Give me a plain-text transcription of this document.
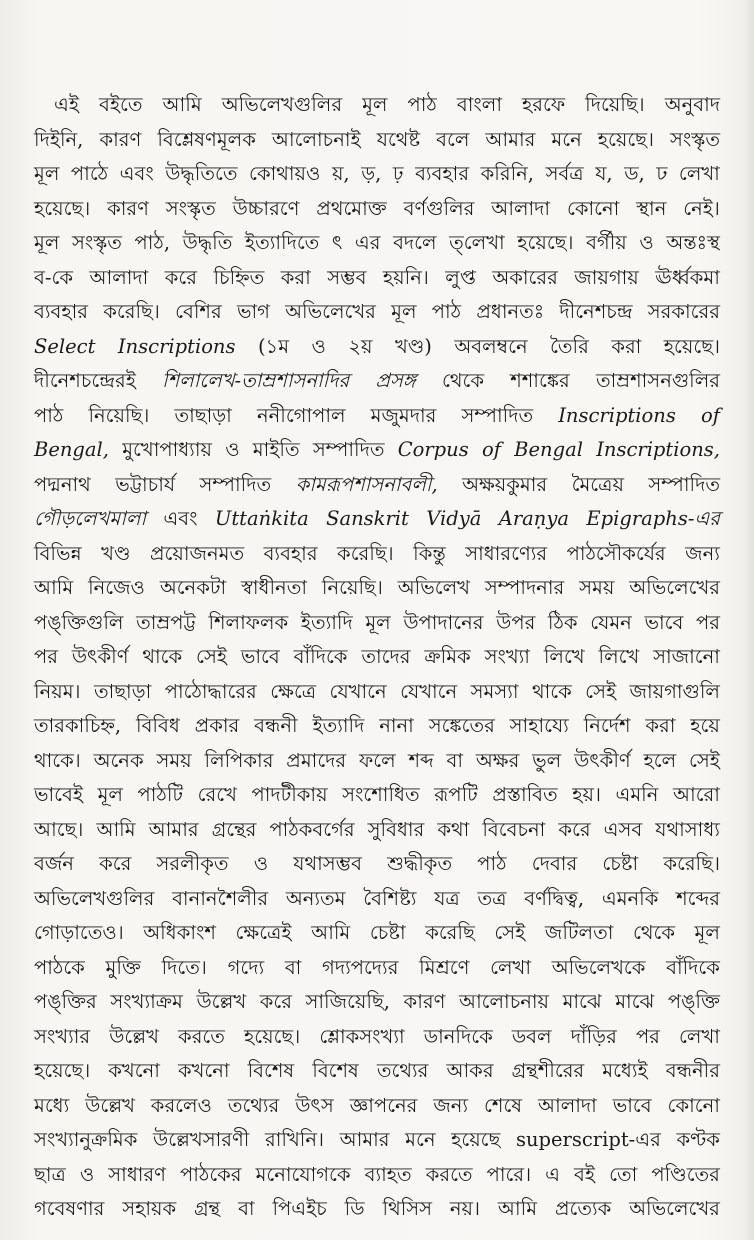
এই বইতে আমি অভিলেখগুলির মূল পাঠ বাংলা হরফে দিয়েছি। অনুবাদ
দিইনি, কারণ বিশ্লেষণমূলক আলোচনাই যথেষ্ট বলে আমার মনে হয়েছে। সংস্কৃত
মূল পাঠে এবং উদ্ধৃতিতে কোথায়ও য়, ড়, ঢ় ব্যবহার করিনি, সর্বত্র য, ড, ঢ লেখা
হয়েছে। কারণ সংস্কৃত উচ্চারণে প্রথমোক্ত বর্ণগুলির আলাদা কোনো স্থান নেই।
মূল সংস্কৃত পাঠ, উদ্ধৃতি ইত্যাদিতে ৎ এর বদলে ত্‌লেখা হয়েছে। বর্গীয় ও অন্তঃস্থ
ব-কে আলাদা করে চিহ্নিত করা সম্ভব হয়নি। লুপ্ত অকারের জায়গায় ঊর্ধ্বকমা
ব্যবহার করেছি। বেশির ভাগ অভিলেখের মূল পাঠ প্রধানতঃ দীনেশচন্দ্র সরকারের
Select Inscriptions (১ম ও ২য় খণ্ড) অবলম্বনে তৈরি করা হয়েছে।
দীনেশচন্দ্রেরই শিলালেখ-তাম্রশাসনাদির প্রসঙ্গ থেকে শশাঙ্কের তাম্রশাসনগুলির
পাঠ নিয়েছি। তাছাড়া ননীগোপাল মজুমদার সম্পাদিত Inscriptions of
Bengal, মুখোপাধ্যায় ও মাইতি সম্পাদিত Corpus of Bengal Inscriptions,
পদ্মনাথ ভট্টাচার্য সম্পাদিত কামরূপশাসনাবলী, অক্ষয়কুমার মৈত্রেয় সম্পাদিত
গৌড়লেখমালা এবং Uttaṅkita Sanskrit Vidyā Araṇya Epigraphs-এর
বিভিন্ন খণ্ড প্রয়োজনমত ব্যবহার করেছি। কিন্তু সাধারণ্যের পাঠসৌকর্যের জন্য
আমি নিজেও অনেকটা স্বাধীনতা নিয়েছি। অভিলেখ সম্পাদনার সময় অভিলেখের
পঙ্‌ক্তিগুলি তাম্রপট্ট শিলাফলক ইত্যাদি মূল উপাদানের উপর ঠিক যেমন ভাবে পর
পর উৎকীর্ণ থাকে সেই ভাবে বাঁদিকে তাদের ক্রমিক সংখ্যা লিখে লিখে সাজানো
নিয়ম। তাছাড়া পাঠোদ্ধারের ক্ষেত্রে যেখানে যেখানে সমস্যা থাকে সেই জায়গাগুলি
তারকাচিহ্ন, বিবিধ প্রকার বন্ধনী ইত্যাদি নানা সঙ্কেতের সাহায্যে নির্দেশ করা হয়ে
থাকে। অনেক সময় লিপিকার প্রমাদের ফলে শব্দ বা অক্ষর ভুল উৎকীর্ণ হলে সেই
ভাবেই মূল পাঠটি রেখে পাদটীকায় সংশোধিত রূপটি প্রস্তাবিত হয়। এমনি আরো
আছে। আমি আমার গ্রন্থের পাঠকবর্গের সুবিধার কথা বিবেচনা করে এসব যথাসাধ্য
বর্জন করে সরলীকৃত ও যথাসম্ভব শুদ্ধীকৃত পাঠ দেবার চেষ্টা করেছি।
অভিলেখগুলির বানানশৈলীর অন্যতম বৈশিষ্ট্য যত্র তত্র বর্ণদ্বিত্ব, এমনকি শব্দের
গোড়াতেও। অধিকাংশ ক্ষেত্রেই আমি চেষ্টা করেছি সেই জটিলতা থেকে মূল
পাঠকে মুক্তি দিতে। গদ্যে বা গদ্যপদ্যের মিশ্রণে লেখা অভিলেখকে বাঁদিকে
পঙ্‌ক্তির সংখ্যাক্রম উল্লেখ করে সাজিয়েছি, কারণ আলোচনায় মাঝে মাঝে পঙ্‌ক্তি
সংখ্যার উল্লেখ করতে হয়েছে। শ্লোকসংখ্যা ডানদিকে ডবল দাঁড়ির পর লেখা
হয়েছে। কখনো কখনো বিশেষ বিশেষ তথ্যের আকর গ্রন্থশীরের মধ্যেই বন্ধনীর
মধ্যে উল্লেখ করলেও তথ্যের উৎস জ্ঞাপনের জন্য শেষে আলাদা ভাবে কোনো
সংখ্যানুক্রমিক উল্লেখসারণী রাখিনি। আমার মনে হয়েছে superscript-এর কণ্টক
ছাত্র ও সাধারণ পাঠকের মনোযোগকে ব্যাহত করতে পারে। এ বই তো পণ্ডিতের
গবেষণার সহায়ক গ্রন্থ বা পিএইচ ডি থিসিস নয়। আমি প্রত্যেক অভিলেখের
